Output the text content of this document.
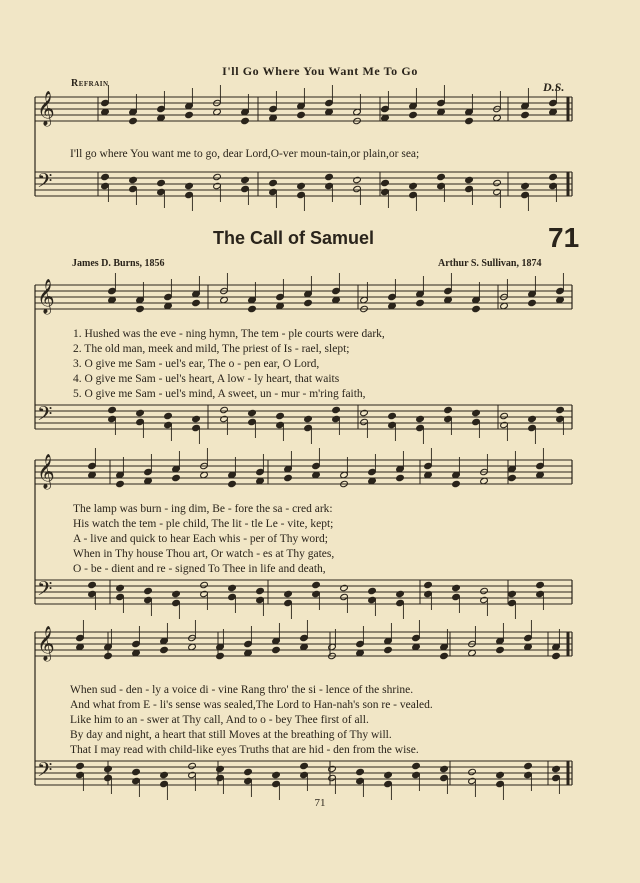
𝄞
𝄢
𝄞
𝄢
𝄞
𝄢
𝄞
𝄢
I'll Go Where You Want Me To Go
Refrain	D.S.
I'll go where You want me to go, dear Lord,O-ver moun-tain,or plain,or sea;
The Call of Samuel	71
James D. Burns, 1856	Arthur S. Sullivan, 1874
1. Hushed was the eve - ning hymn, The tem - ple courts were dark,
2. The old man, meek and mild, The priest of Is - rael, slept;
3. O give me Sam - uel's ear, The o - pen ear, O Lord,
4. O give me Sam - uel's heart, A low - ly heart, that waits
5. O give me Sam - uel's mind, A sweet, un - mur - m'ring faith,
The lamp was burn - ing dim, Be - fore the sa - cred ark:
His watch the tem - ple child, The lit - tle Le - vite, kept;
A - live and quick to hear Each whis - per of Thy word;
When in Thy house Thou art, Or watch - es at Thy gates,
O - be - dient and re - signed To Thee in life and death,
When sud - den - ly a voice di - vine Rang thro' the si - lence of the shrine.
And what from E - li's sense was sealed,The Lord to Han-nah's son re - vealed.
Like him to an - swer at Thy call, And to o - bey Thee first of all.
By day and night, a heart that still Moves at the breathing of Thy will.
That I may read with child-like eyes Truths that are hid - den from the wise.
71
